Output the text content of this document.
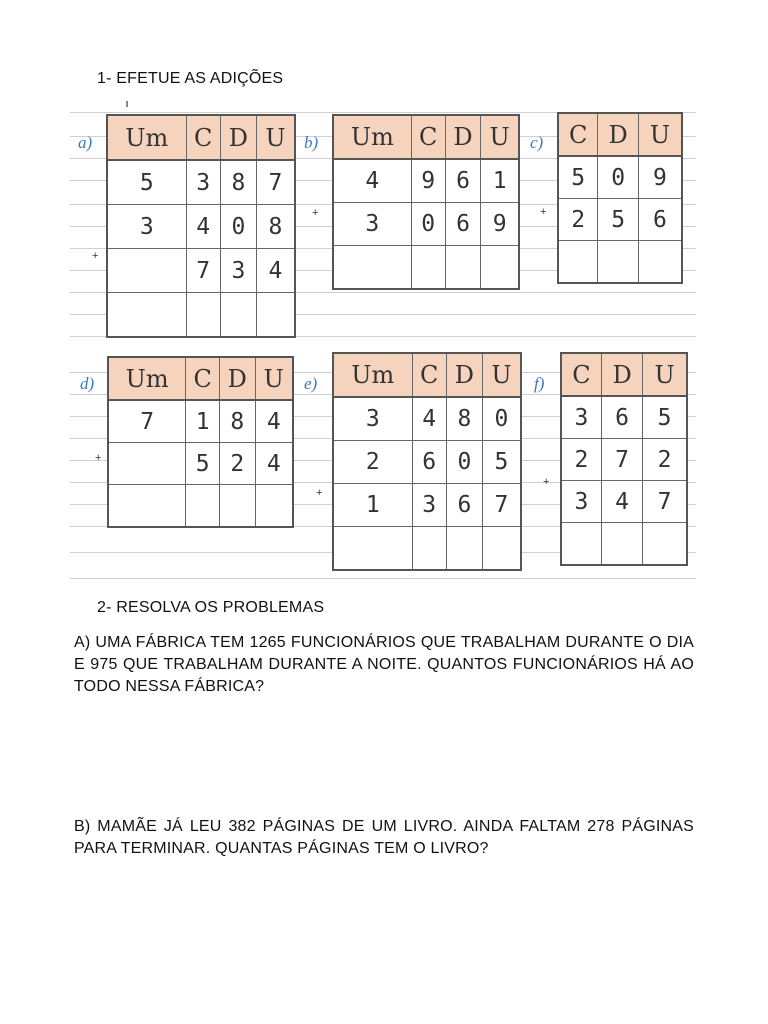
1- EFETUE AS ADIÇÕES
a)
+
Um	C	D	U
5	3	8	7
3	4	0	8
	7	3	4

b)
+
Um	C	D	U
4	9	6	1
3	0	6	9

c)
+
C	D	U
5	0	9
2	5	6

d)
+
Um	C	D	U
7	1	8	4
	5	2	4

e)
+
Um	C	D	U
3	4	8	0
2	6	0	5
1	3	6	7

f)
+
C	D	U
3	6	5
2	7	2
3	4	7

2- RESOLVA OS PROBLEMAS
A) UMA FÁBRICA TEM 1265 FUNCIONÁRIOS QUE TRABALHAM DURANTE O DIA E 975 QUE TRABALHAM DURANTE A NOITE. QUANTOS FUNCIONÁRIOS HÁ AO TODO NESSA FÁBRICA?
B) MAMÃE JÁ LEU 382 PÁGINAS DE UM LIVRO. AINDA FALTAM 278 PÁGINAS PARA TERMINAR. QUANTAS PÁGINAS TEM O LIVRO?
